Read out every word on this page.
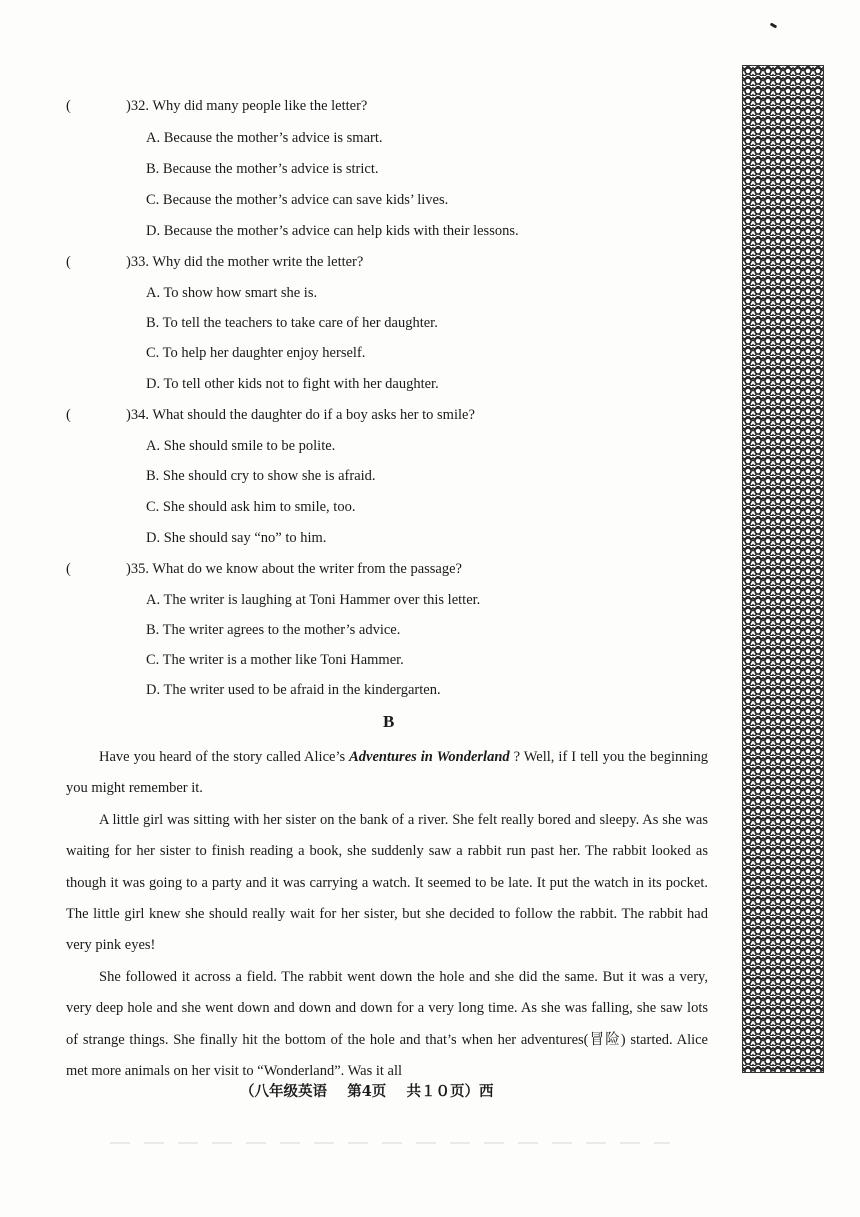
(	)32. Why did many people like the letter?
A. Because the mother’s advice is smart.
B. Because the mother’s advice is strict.
C. Because the mother’s advice can save kids’ lives.
D. Because the mother’s advice can help kids with their lessons.
(	)33. Why did the mother write the letter?
A. To show how smart she is.
B. To tell the teachers to take care of her daughter.
C. To help her daughter enjoy herself.
D. To tell other kids not to fight with her daughter.
(	)34. What should the daughter do if a boy asks her to smile?
A. She should smile to be polite.
B. She should cry to show she is afraid.
C. She should ask him to smile, too.
D. She should say “no” to him.
(	)35. What do we know about the writer from the passage?
A. The writer is laughing at Toni Hammer over this letter.
B. The writer agrees to the mother’s advice.
C. The writer is a mother like Toni Hammer.
D. The writer used to be afraid in the kindergarten.
B

Have you heard of the story called Alice’s Adventures in Wonderland ? Well, if I tell you the beginning you might remember it.

A little girl was sitting with her sister on the bank of a river. She felt really bored and sleepy. As she was waiting for her sister to finish reading a book, she suddenly saw a rabbit run past her. The rabbit looked as though it was going to a party and it was carrying a watch. It seemed to be late. It put the watch in its pocket. The little girl knew she should really wait for her sister, but she decided to follow the rabbit. The rabbit had very pink eyes!

She followed it across a field. The rabbit went down the hole and she did the same. But it was a very, very deep hole and she went down and down and down for a very long time. As she was falling, she saw lots of strange things. She finally hit the bottom of the hole and that’s when her adventures(冒险) started. Alice met more animals on her visit to “Wonderland”. Was it all

（八年级英语    第4页    共１０页）西
